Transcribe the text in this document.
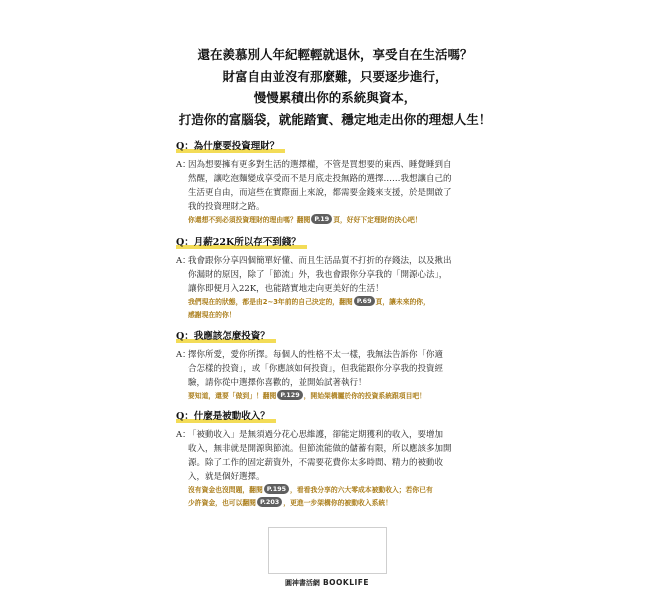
還在羨慕別人年紀輕輕就退休，享受自在生活嗎？
財富自由並沒有那麼難，只要逐步進行，
慢慢累積出你的系統與資本，
打造你的富腦袋，就能踏實、穩定地走出你的理想人生！
Q：為什麼要投資理財？
A：
因為想要擁有更多對生活的選擇權，不管是買想要的東西、睡覺睡到自
然醒，讓吃泡麵變成享受而不是月底走投無路的選擇……我想讓自己的
生活更自由，而這些在實際面上來說，都需要金錢來支援，於是開啟了
我的投資理財之路。
你還想不到必須投資理財的理由嗎？翻閱 P.19 頁，好好下定理財的決心吧！
Q：月薪22K所以存不到錢？
A：
我會跟你分享四個簡單好懂、而且生活品質不打折的存錢法，以及揪出
你漏財的原因，除了「節流」外，我也會跟你分享我的「開源心法」，
讓你即便月入22K，也能踏實地走向更美好的生活！
我們現在的狀態，都是由2~3年前的自己決定的，翻閱 P.69 頁，讓未來的你，
感謝現在的你！
Q：我應該怎麼投資？
A：
擇你所愛，愛你所擇。每個人的性格不太一樣，我無法告訴你「你適
合怎樣的投資」，或「你應該如何投資」，但我能跟你分享我的投資經
驗，請你從中選擇你喜歡的，並開始試著執行！
要知道，還要「做到」！翻閱 P.129 ，開始架構屬於你的投資系統跟項目吧！
Q：什麼是被動收入？
A：
「被動收入」是無須過分花心思維護，卻能定期獲利的收入，要增加
收入，無非就是開源與節流。但節流能做的儲蓄有限，所以應該多加開
源。除了工作的固定薪資外，不需要花費你太多時間、精力的被動收
入，就是個好選擇。
沒有資金也沒問題，翻閱 P.195 ，看看我分享的六大零成本被動收入；若你已有
少許資金，也可以翻閱 P.203 ，更進一步架構你的被動收入系統！
圓神書活網 BOOKLIFE
